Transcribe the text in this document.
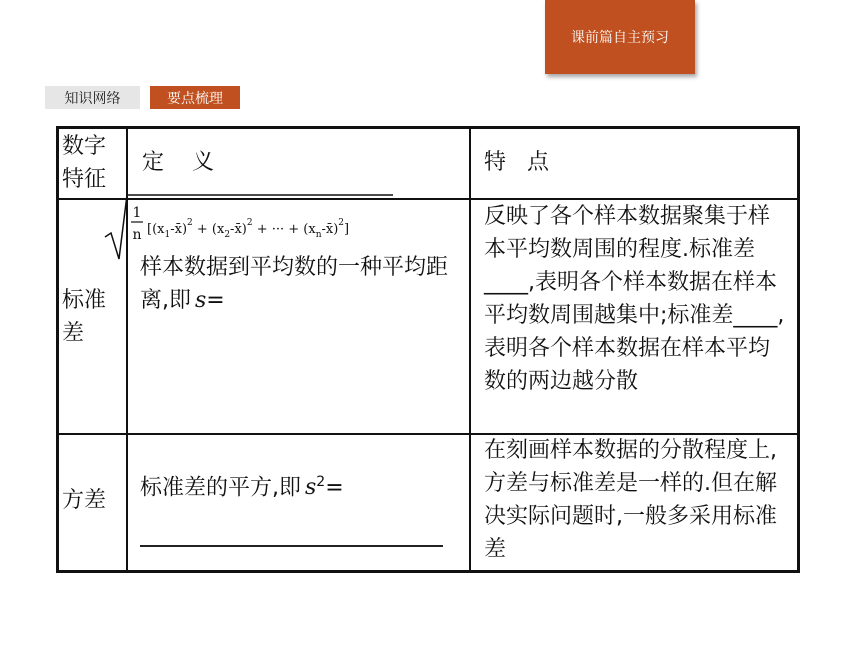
课前篇自主预习
知识网络	要点梳理
数字特征
定    义	特   点
标准差
样本数据到平均数的一种平均距离,即 s=
反映了各个样本数据聚集于样本平均数周围的程度.标准差____,表明各个样本数据在样本平均数周围越集中;标准差____,表明各个样本数据在样本平均数的两边越分散
方差
标准差的平方,即 $s^2=$
在刻画样本数据的分散程度上,方差与标准差是一样的.但在解决实际问题时,一般多采用标准差
1
n [$(x_1-x̄)^2$ + $(x_2-x̄)^2$ + ··· + $(x_n-x̄)^2$]
